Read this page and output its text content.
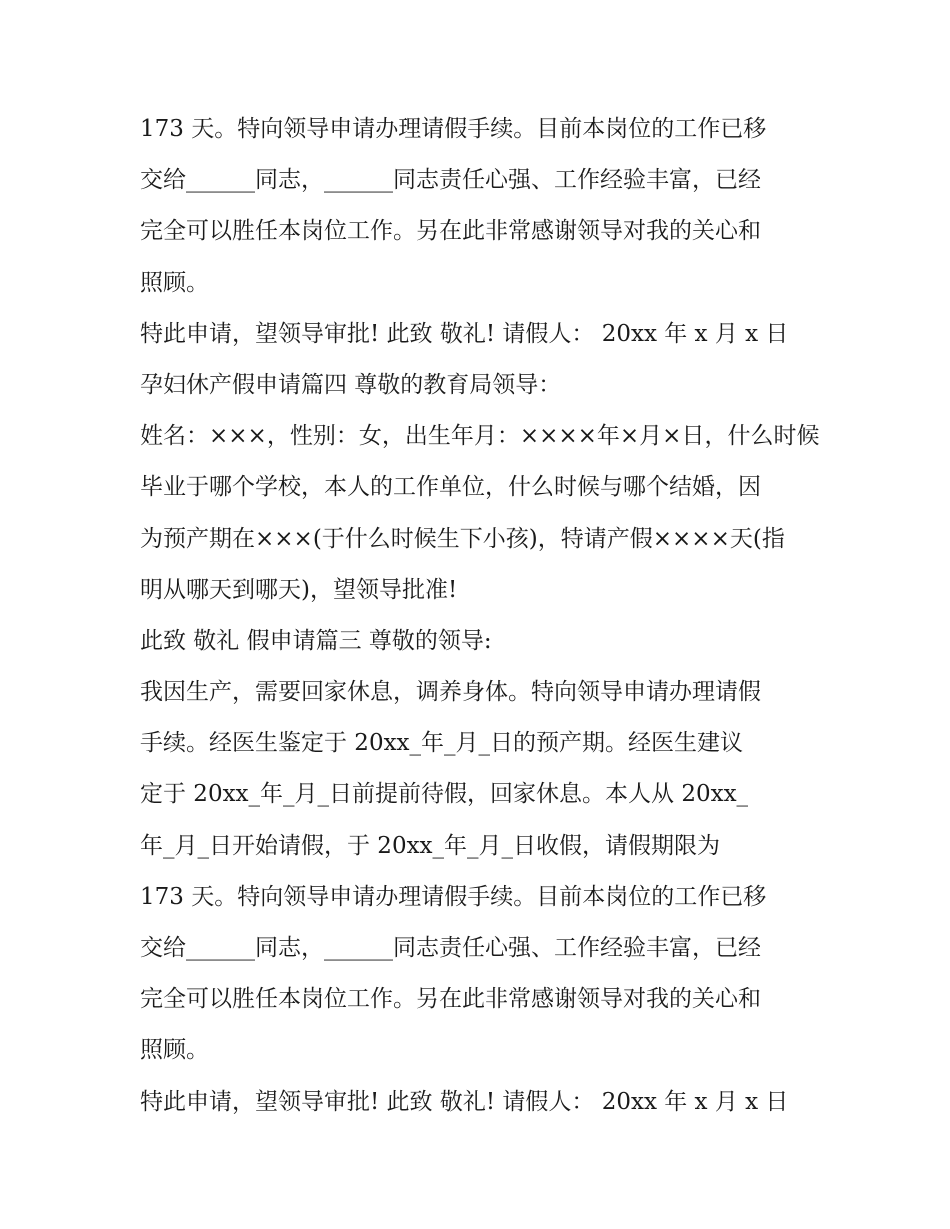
173 天。特向领导申请办理请假手续。目前本岗位的工作已移

交给______同志，______同志责任心强、工作经验丰富，已经

完全可以胜任本岗位工作。另在此非常感谢领导对我的关心和

照顾。

特此申请，望领导审批! 此致 敬礼! 请假人： 20xx 年 x 月 x 日

孕妇休产假申请篇四 尊敬的教育局领导：

姓名：×××，性别：女，出生年月：××××年×月×日，什么时候

毕业于哪个学校，本人的工作单位，什么时候与哪个结婚，因

为预产期在×××(于什么时候生下小孩)，特请产假××××天(指

明从哪天到哪天)，望领导批准!

此致 敬礼 假申请篇三 尊敬的领导:

我因生产，需要回家休息，调养身体。特向领导申请办理请假

手续。经医生鉴定于 20xx_年_月_日的预产期。经医生建议

定于 20xx_年_月_日前提前待假，回家休息。本人从 20xx_

年_月_日开始请假，于 20xx_年_月_日收假，请假期限为

173 天。特向领导申请办理请假手续。目前本岗位的工作已移

交给______同志，______同志责任心强、工作经验丰富，已经

完全可以胜任本岗位工作。另在此非常感谢领导对我的关心和

照顾。

特此申请，望领导审批! 此致 敬礼! 请假人： 20xx 年 x 月 x 日
